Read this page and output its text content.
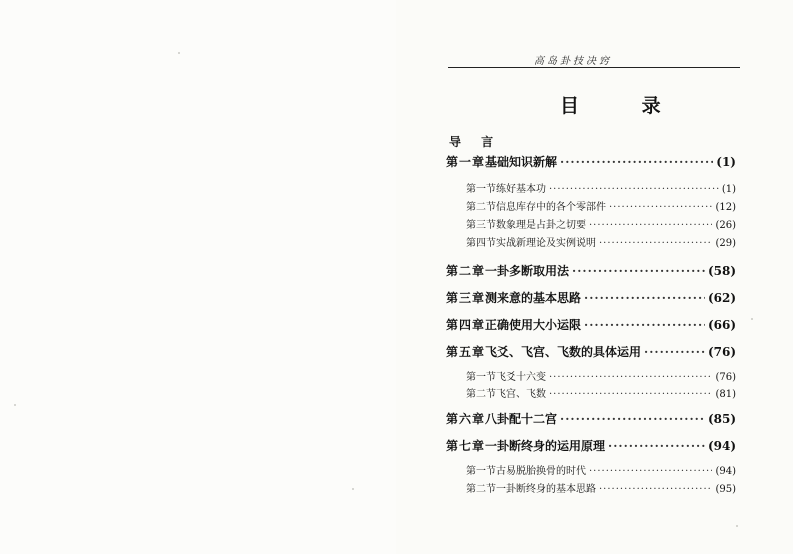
高岛卦技决窍
目 录
导 言
第一章 基础知识新解 ·····	(1)
第一节 练好基本功 ·····	(1)
第二节 信息库存中的各个零部件 ·····	(12)
第三节 数象理是占卦之切要 ·····	(26)
第四节 实战新理论及实例说明 ·····	(29)
第二章 一卦多断取用法 ·····	(58)
第三章 测来意的基本思路 ·····	(62)
第四章 正确使用大小运限 ·····	(66)
第五章 飞爻、飞宫、飞数的具体运用 ·····	(76)
第一节 飞爻十六变 ·····	(76)
第二节 飞宫、飞数 ·····	(81)
第六章 八卦配十二宫 ·····	(85)
第七章 一卦断终身的运用原理 ·····	(94)
第一节 古易脱胎换骨的时代 ·····	(94)
第二节 一卦断终身的基本思路 ·····	(95)
